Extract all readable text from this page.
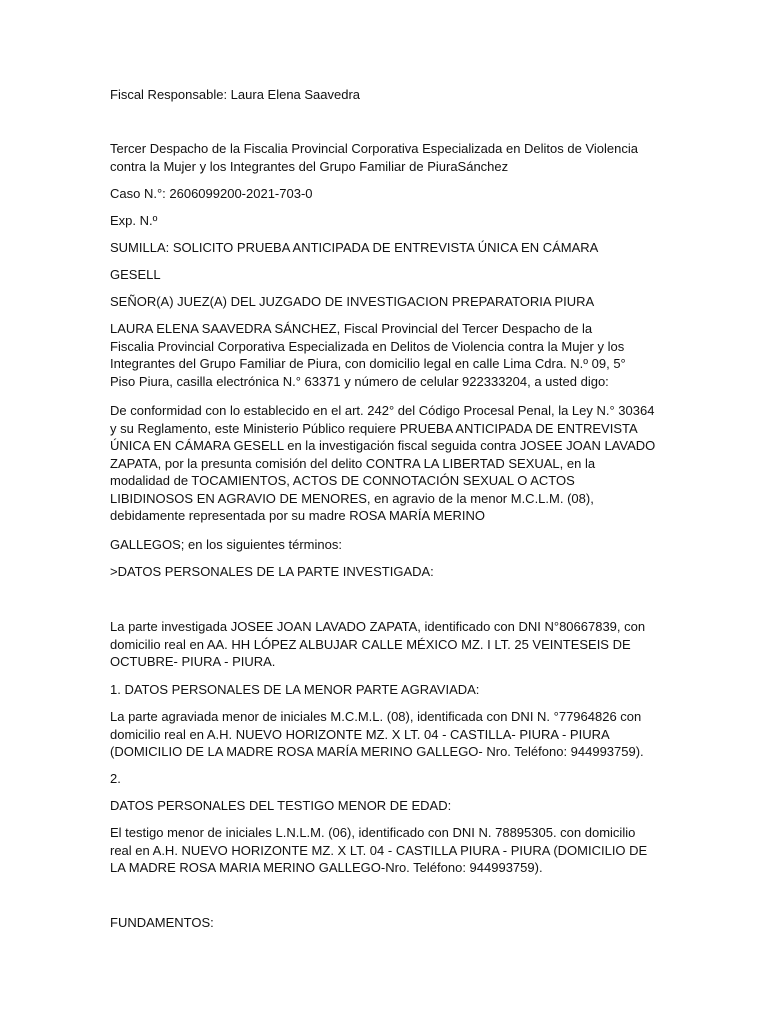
Fiscal Responsable: Laura Elena Saavedra

Tercer Despacho de la Fiscalia Provincial Corporativa Especializada en Delitos de Violencia contra la Mujer y los Integrantes del Grupo Familiar de PiuraSánchez

Caso N.°: 2606099200-2021-703-0

Exp. N.º

SUMILLA: SOLICITO PRUEBA ANTICIPADA DE ENTREVISTA ÚNICA EN CÁMARA

GESELL

SEÑOR(A) JUEZ(A) DEL JUZGADO DE INVESTIGACION PREPARATORIA PIURA

LAURA ELENA SAAVEDRA SÁNCHEZ, Fiscal Provincial del Tercer Despacho de la Fiscalia Provincial Corporativa Especializada en Delitos de Violencia contra la Mujer y los Integrantes del Grupo Familiar de Piura, con domicilio legal en calle Lima Cdra. N.º 09, 5° Piso Piura, casilla electrónica N.° 63371 y número de celular 922333204, a usted digo:

De conformidad con lo establecido en el art. 242° del Código Procesal Penal, la Ley N.° 30364 y su Reglamento, este Ministerio Público requiere PRUEBA ANTICIPADA DE ENTREVISTA ÚNICA EN CÁMARA GESELL en la investigación fiscal seguida contra JOSEE JOAN LAVADO ZAPATA, por la presunta comisión del delito CONTRA LA LIBERTAD SEXUAL, en la modalidad de TOCAMIENTOS, ACTOS DE CONNOTACIÓN SEXUAL O ACTOS LIBIDINOSOS EN AGRAVIO DE MENORES, en agravio de la menor M.C.L.M. (08), debidamente representada por su madre ROSA MARÍA MERINO

GALLEGOS; en los siguientes términos:

>DATOS PERSONALES DE LA PARTE INVESTIGADA:

La parte investigada JOSEE JOAN LAVADO ZAPATA, identificado con DNI N°80667839, con domicilio real en AA. HH LÓPEZ ALBUJAR CALLE MÉXICO MZ. I LT. 25 VEINTESEIS DE OCTUBRE- PIURA - PIURA.

1. DATOS PERSONALES DE LA MENOR PARTE AGRAVIADA:

La parte agraviada menor de iniciales M.C.M.L. (08), identificada con DNI N. °77964826 con domicilio real en A.H. NUEVO HORIZONTE MZ. X LT. 04 - CASTILLA- PIURA - PIURA (DOMICILIO DE LA MADRE ROSA MARÍA MERINO GALLEGO- Nro. Teléfono: 944993759).

2.

DATOS PERSONALES DEL TESTIGO MENOR DE EDAD:

El testigo menor de iniciales L.N.L.M. (06), identificado con DNI N. 78895305. con domicilio real en A.H. NUEVO HORIZONTE MZ. X LT. 04 - CASTILLA PIURA - PIURA (DOMICILIO DE LA MADRE ROSA MARIA MERINO GALLEGO-Nro. Teléfono: 944993759).

FUNDAMENTOS:
